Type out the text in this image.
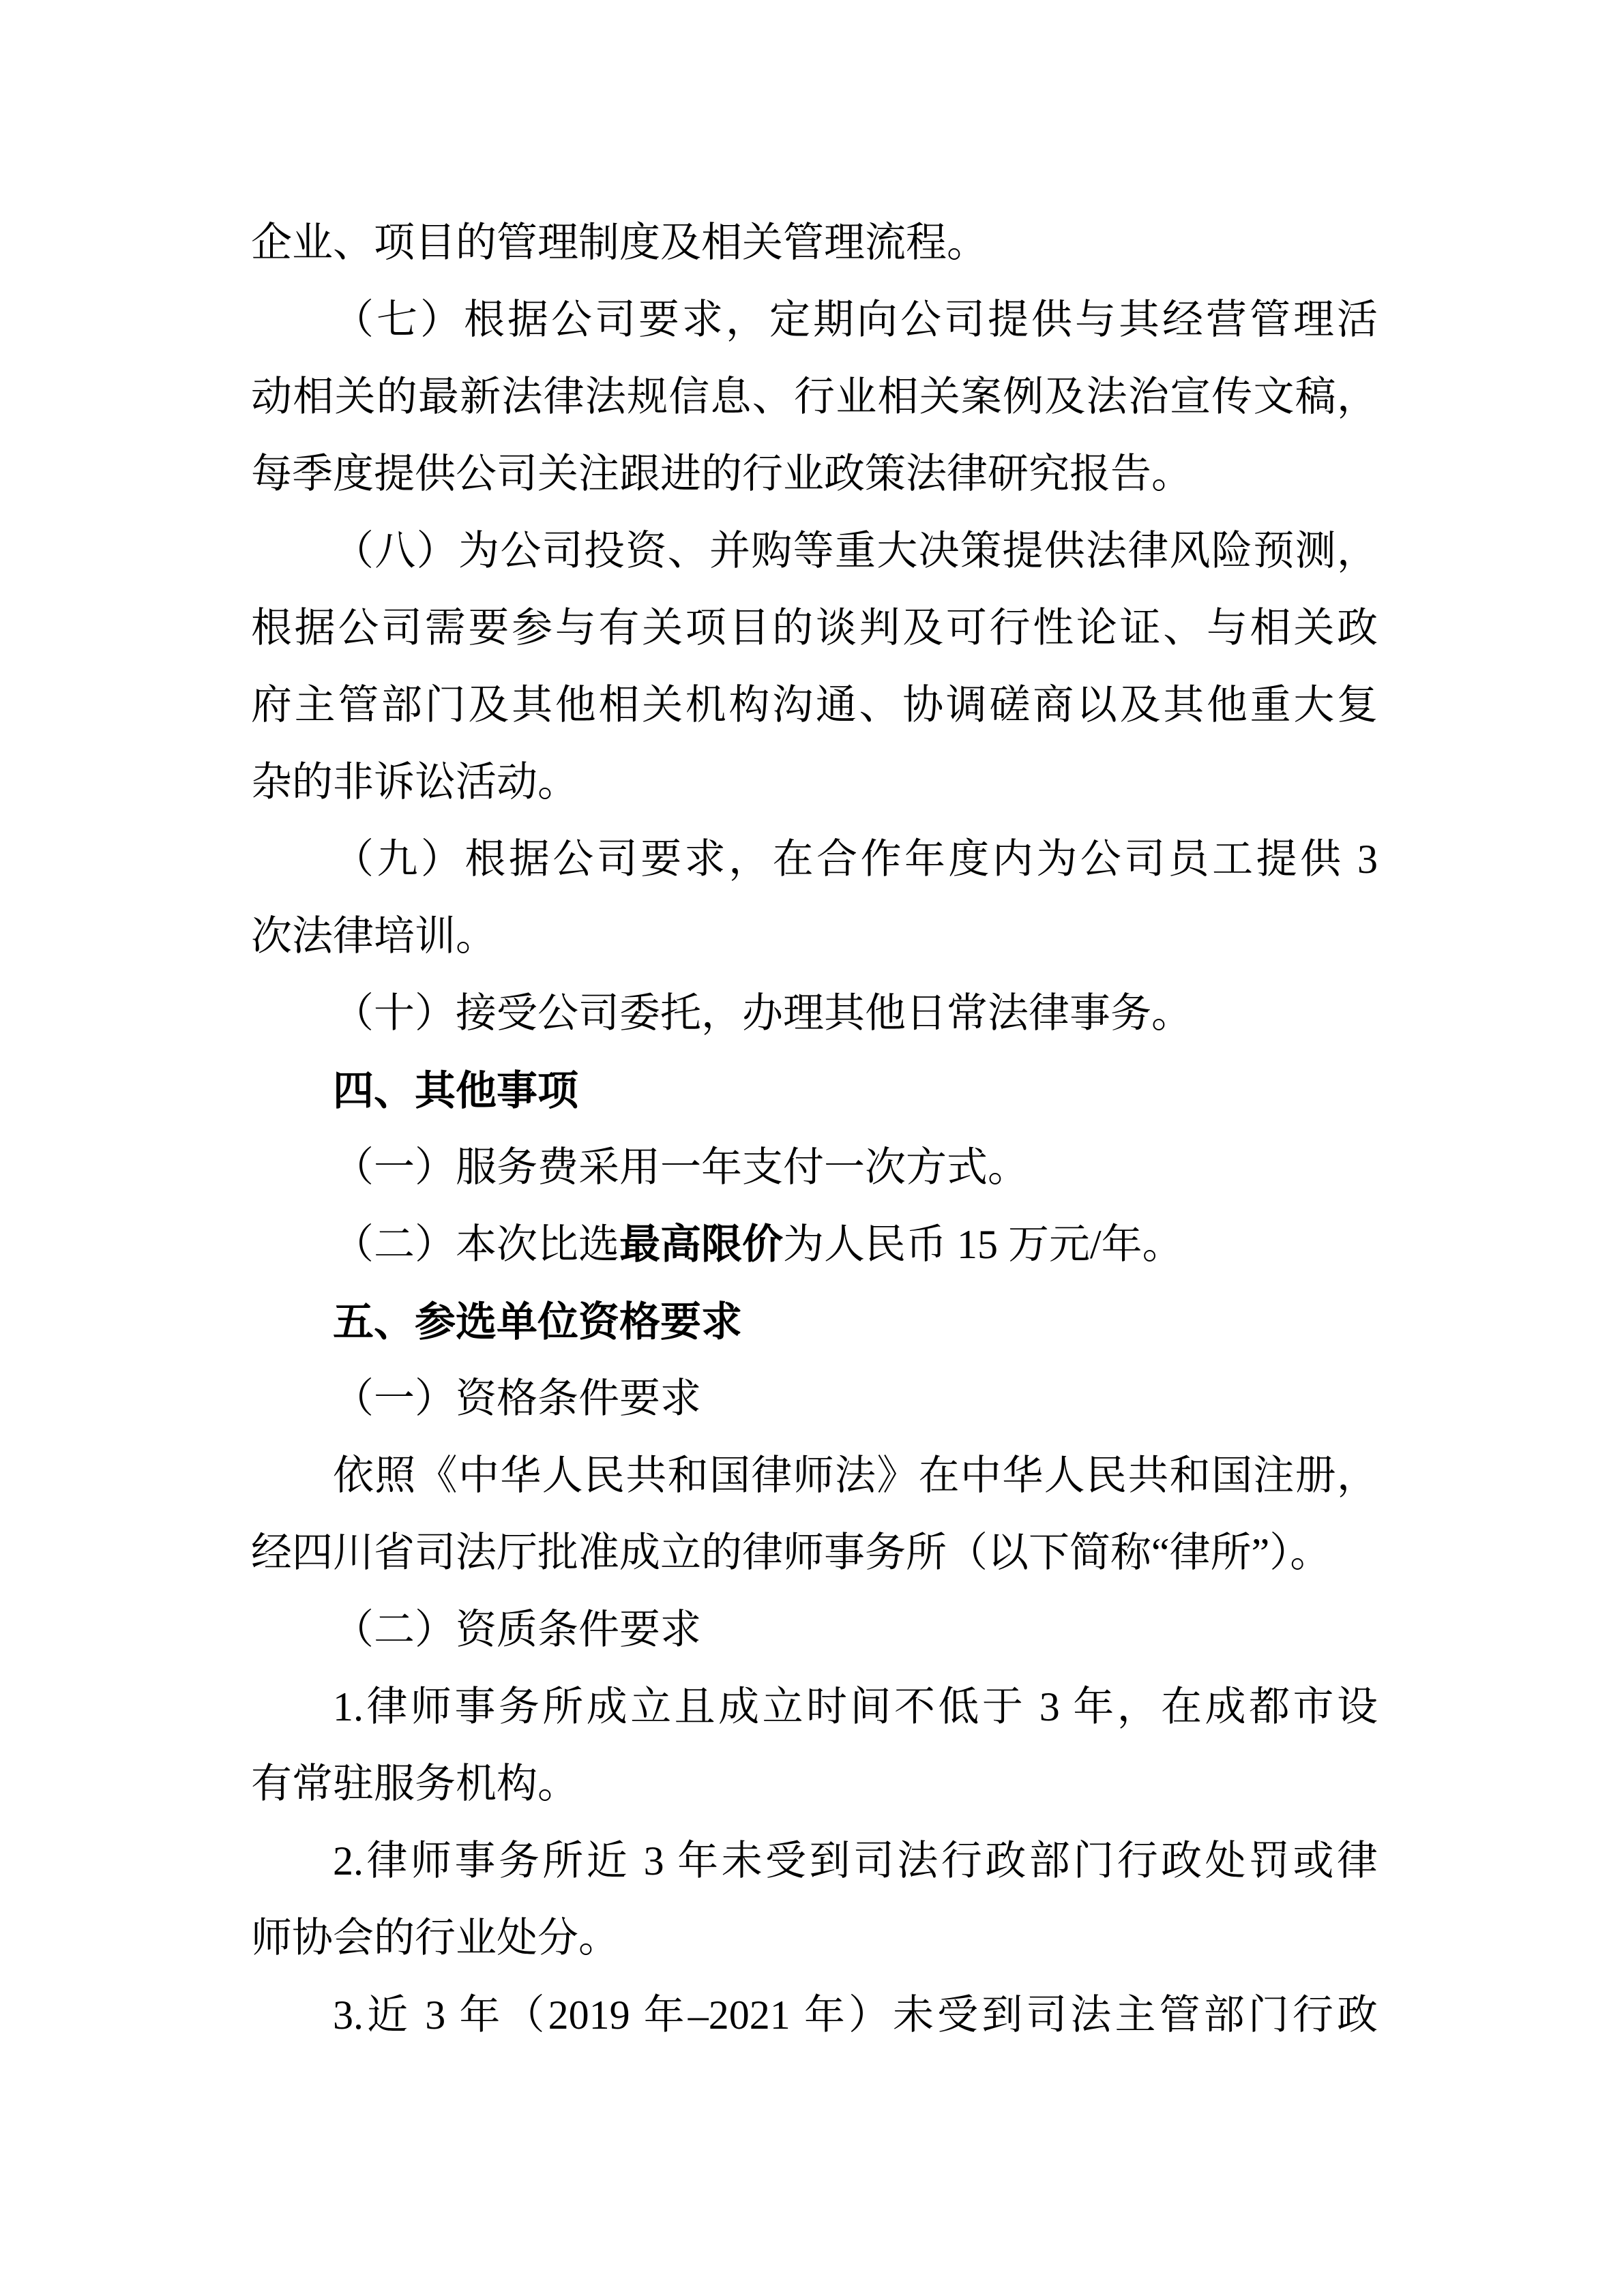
企业、项目的管理制度及相关管理流程。
（七）根据公司要求，定期向公司提供与其经营管理活
动相关的最新法律法规信息、行业相关案例及法治宣传文稿，
每季度提供公司关注跟进的行业政策法律研究报告。
（八）为公司投资、并购等重大决策提供法律风险预测，
根据公司需要参与有关项目的谈判及可行性论证、与相关政
府主管部门及其他相关机构沟通、协调磋商以及其他重大复
杂的非诉讼活动。
（九）根据公司要求，在合作年度内为公司员工提供 3
次法律培训。
（十）接受公司委托，办理其他日常法律事务。
四、其他事项
（一）服务费采用一年支付一次方式。
（二）本次比选最高限价为人民币 15 万元/年。
五、参选单位资格要求
（一）资格条件要求
依照《中华人民共和国律师法》在中华人民共和国注册，
经四川省司法厅批准成立的律师事务所（以下简称“律所”）。
（二）资质条件要求
1.律师事务所成立且成立时间不低于 3 年，在成都市设
有常驻服务机构。
2.律师事务所近 3 年未受到司法行政部门行政处罚或律
师协会的行业处分。
3.近 3 年（2019 年–2021 年）未受到司法主管部门行政
